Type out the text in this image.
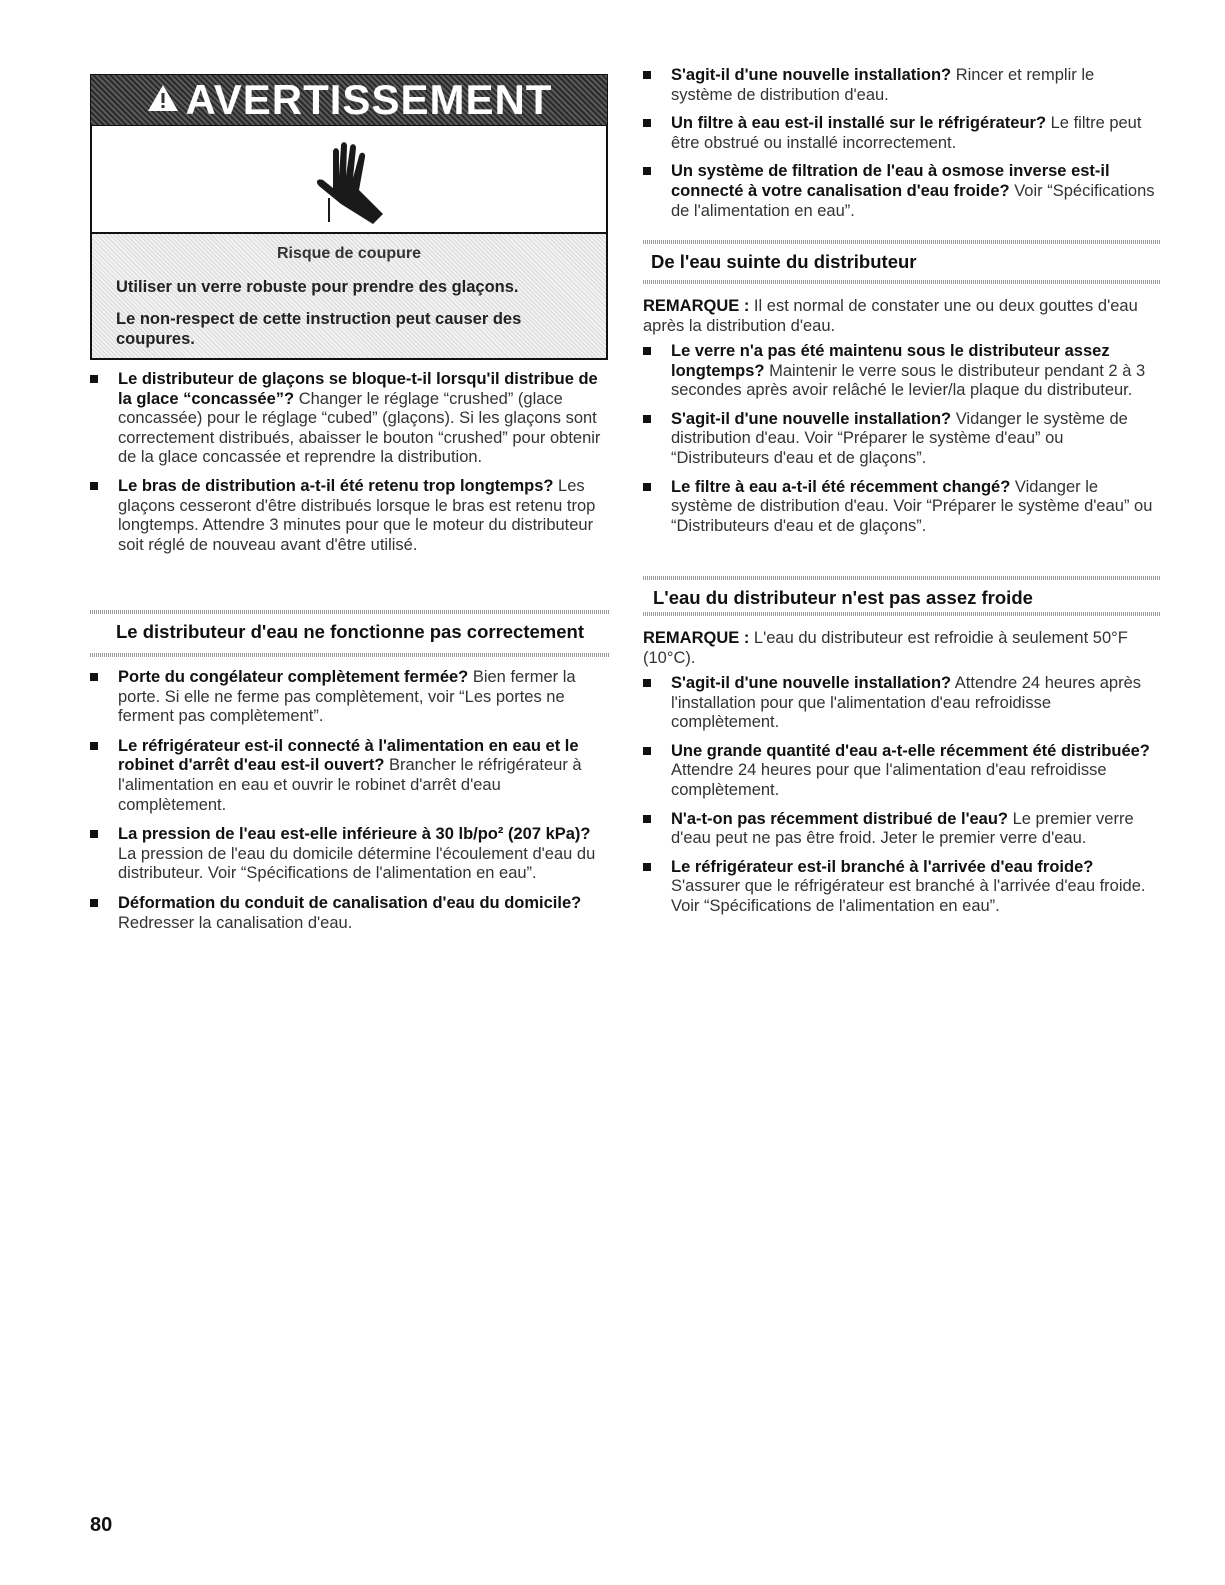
AVERTISSEMENT
Risque de coupure
Utiliser un verre robuste pour prendre des glaçons.
Le non-respect de cette instruction peut causer des coupures.
Le distributeur de glaçons se bloque-t-il lorsqu'il distribue de la glace “concassée”? Changer le réglage “crushed” (glace concassée) pour le réglage “cubed” (glaçons). Si les glaçons sont correctement distribués, abaisser le bouton “crushed” pour obtenir de la glace concassée et reprendre la distribution.
Le bras de distribution a-t-il été retenu trop longtemps? Les glaçons cesseront d'être distribués lorsque le bras est retenu trop longtemps. Attendre 3 minutes pour que le moteur du distributeur soit réglé de nouveau avant d'être utilisé.
Le distributeur d'eau ne fonctionne pas correctement
Porte du congélateur complètement fermée? Bien fermer la porte. Si elle ne ferme pas complètement, voir “Les portes ne ferment pas complètement”.
Le réfrigérateur est-il connecté à l'alimentation en eau et le robinet d'arrêt d'eau est-il ouvert? Brancher le réfrigérateur à l'alimentation en eau et ouvrir le robinet d'arrêt d'eau complètement.
La pression de l'eau est-elle inférieure à 30 lb/po² (207 kPa)? La pression de l'eau du domicile détermine l'écoulement d'eau du distributeur. Voir “Spécifications de l'alimentation en eau”.
Déformation du conduit de canalisation d'eau du domicile? Redresser la canalisation d'eau.
S'agit-il d'une nouvelle installation? Rincer et remplir le système de distribution d'eau.
Un filtre à eau est-il installé sur le réfrigérateur? Le filtre peut être obstrué ou installé incorrectement.
Un système de filtration de l'eau à osmose inverse est-il connecté à votre canalisation d'eau froide? Voir “Spécifications de l'alimentation en eau”.
De l'eau suinte du distributeur
REMARQUE : Il est normal de constater une ou deux gouttes d'eau après la distribution d'eau.
Le verre n'a pas été maintenu sous le distributeur assez longtemps? Maintenir le verre sous le distributeur pendant 2 à 3 secondes après avoir relâché le levier/la plaque du distributeur.
S'agit-il d'une nouvelle installation? Vidanger le système de distribution d'eau. Voir “Préparer le système d'eau” ou “Distributeurs d'eau et de glaçons”.
Le filtre à eau a-t-il été récemment changé? Vidanger le système de distribution d'eau. Voir “Préparer le système d'eau” ou “Distributeurs d'eau et de glaçons”.
L'eau du distributeur n'est pas assez froide
REMARQUE : L'eau du distributeur est refroidie à seulement 50°F (10°C).
S'agit-il d'une nouvelle installation? Attendre 24 heures après l'installation pour que l'alimentation d'eau refroidisse complètement.
Une grande quantité d'eau a-t-elle récemment été distribuée? Attendre 24 heures pour que l'alimentation d'eau refroidisse complètement.
N'a-t-on pas récemment distribué de l'eau? Le premier verre d'eau peut ne pas être froid. Jeter le premier verre d'eau.
Le réfrigérateur est-il branché à l'arrivée d'eau froide? S'assurer que le réfrigérateur est branché à l'arrivée d'eau froide. Voir “Spécifications de l'alimentation en eau”.
80
